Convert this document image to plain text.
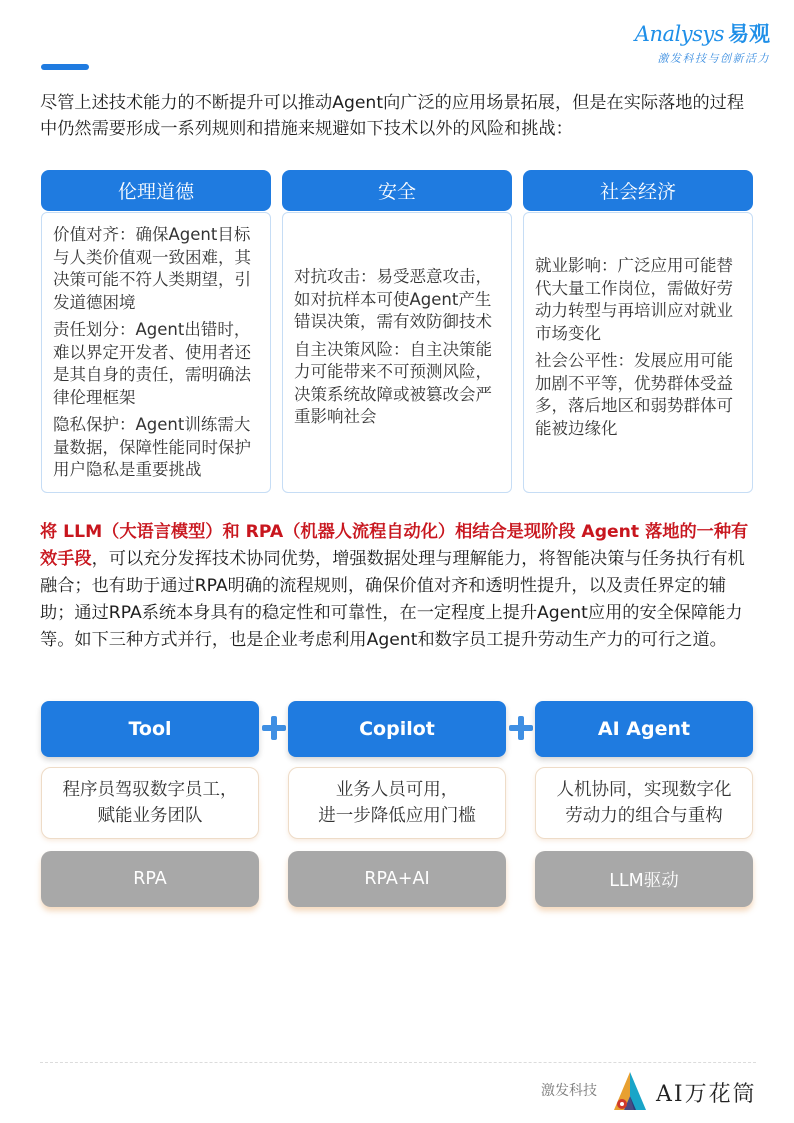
Analysys 易观
激发科技与创新活力

尽管上述技术能力的不断提升可以推动Agent向广泛的应用场景拓展，但是在实际落地的过程中仍然需要形成一系列规则和措施来规避如下技术以外的风险和挑战：

伦理道德

价值对齐：确保Agent目标与人类价值观一致困难，其决策可能不符人类期望，引发道德困境

责任划分：Agent出错时，难以界定开发者、使用者还是其自身的责任，需明确法律伦理框架

隐私保护：Agent训练需大量数据，保障性能同时保护用户隐私是重要挑战

安全

对抗攻击：易受恶意攻击，如对抗样本可使Agent产生错误决策，需有效防御技术

自主决策风险：自主决策能力可能带来不可预测风险，决策系统故障或被篡改会严重影响社会

社会经济

就业影响：广泛应用可能替代大量工作岗位，需做好劳动力转型与再培训应对就业市场变化

社会公平性：发展应用可能加剧不平等，优势群体受益多，落后地区和弱势群体可能被边缘化

将 LLM（大语言模型）和 RPA（机器人流程自动化）相结合是现阶段 Agent 落地的一种有效手段，可以充分发挥技术协同优势，增强数据处理与理解能力，将智能决策与任务执行有机融合；也有助于通过RPA明确的流程规则，确保价值对齐和透明性提升，以及责任界定的辅助；通过RPA系统本身具有的稳定性和可靠性，在一定程度上提升Agent应用的安全保障能力等。如下三种方式并行，也是企业考虑利用Agent和数字员工提升劳动生产力的可行之道。

Tool
程序员驾驭数字员工，
赋能业务团队
RPA
Copilot
业务人员可用，
进一步降低应用门槛
RPA+AI
AI Agent
人机协同，实现数字化
劳动力的组合与重构
LLM驱动
激发科技	AI万花筒
